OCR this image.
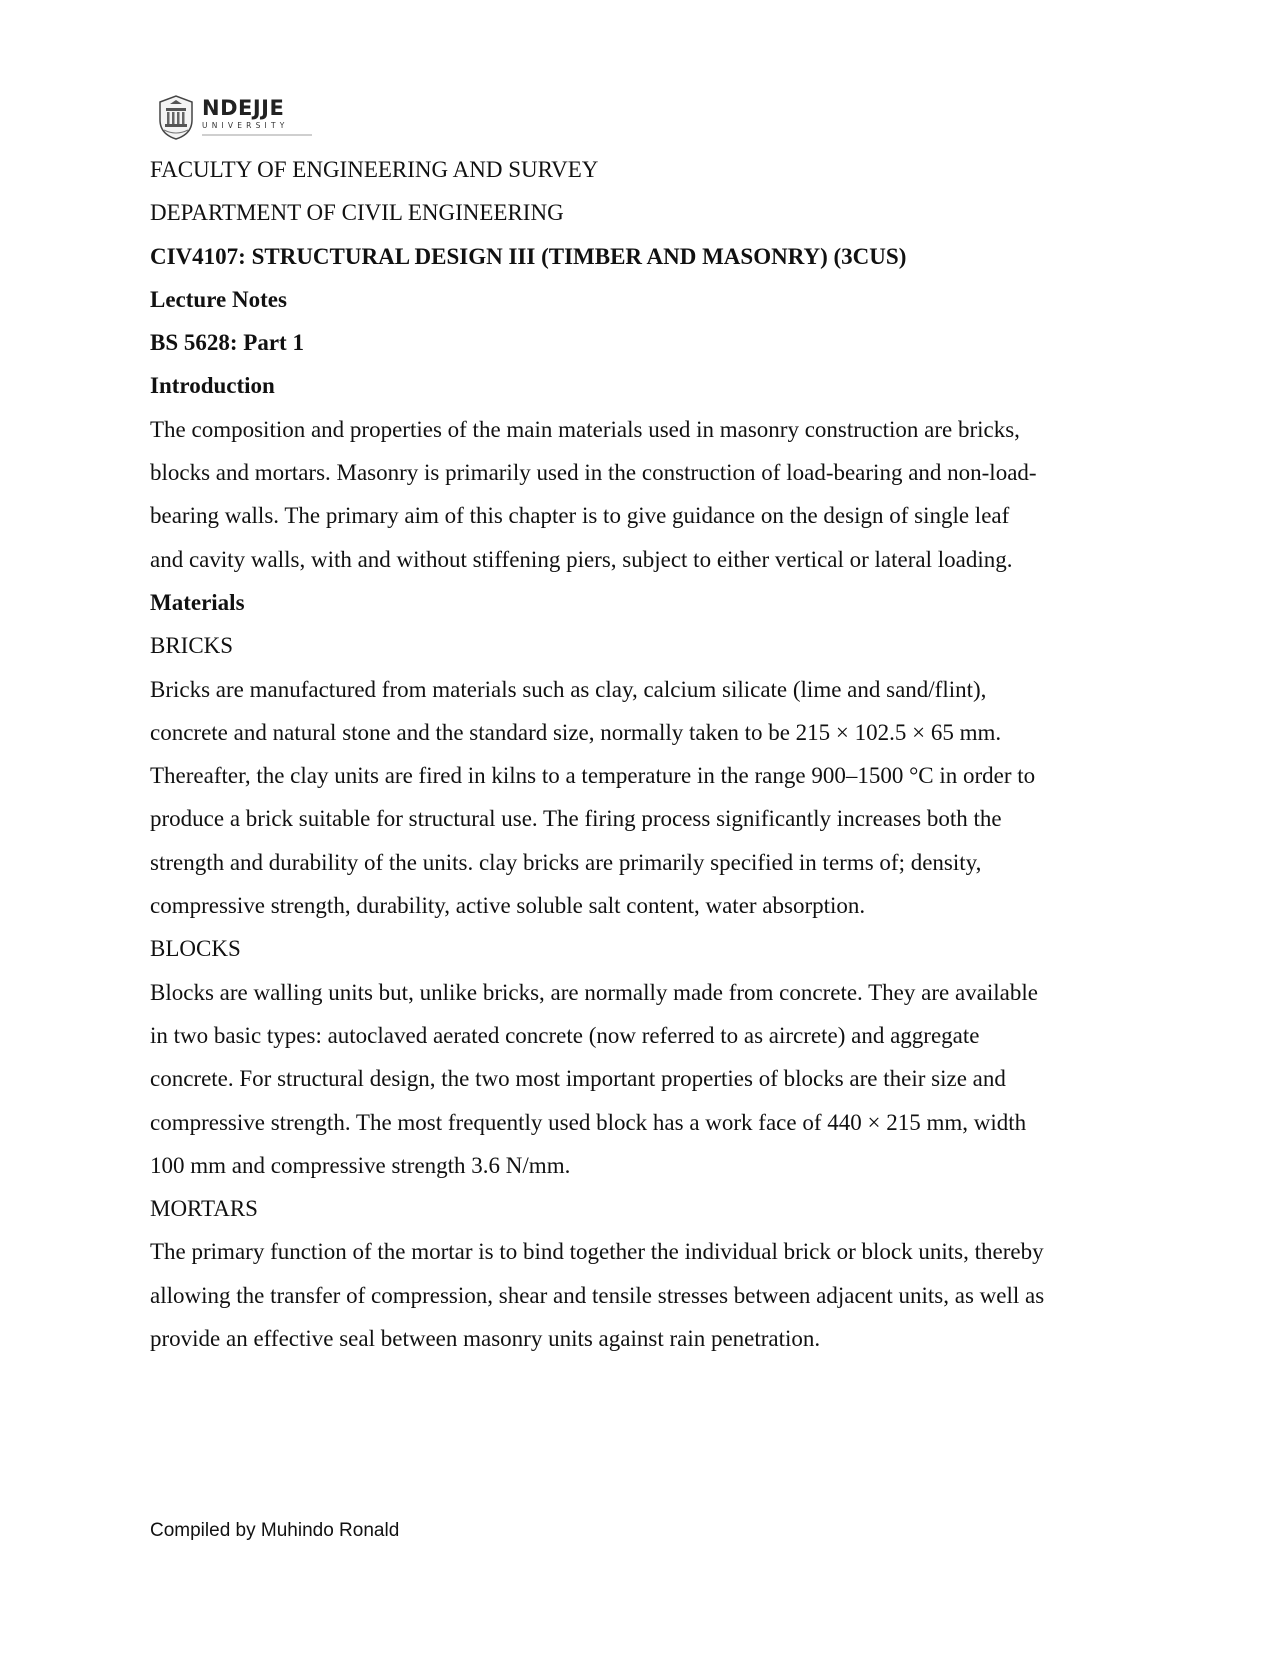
NDEJJE
UNIVERSITY
FACULTY OF ENGINEERING AND SURVEY
DEPARTMENT OF CIVIL ENGINEERING
CIV4107: STRUCTURAL DESIGN III (TIMBER AND MASONRY) (3CUS)
Lecture Notes
BS 5628: Part 1
Introduction

The composition and properties of the main materials used in masonry construction are bricks,
blocks and mortars. Masonry is primarily used in the construction of load-bearing and non-load-
bearing walls. The primary aim of this chapter is to give guidance on the design of single leaf
and cavity walls, with and without stiffening piers, subject to either vertical or lateral loading.

Materials
BRICKS

Bricks are manufactured from materials such as clay, calcium silicate (lime and sand/flint),
concrete and natural stone and the standard size, normally taken to be 215 × 102.5 × 65 mm.
Thereafter, the clay units are fired in kilns to a temperature in the range 900–1500 °C in order to
produce a brick suitable for structural use. The firing process significantly increases both the
strength and durability of the units. clay bricks are primarily specified in terms of; density,
compressive strength, durability, active soluble salt content, water absorption.

BLOCKS

Blocks are walling units but, unlike bricks, are normally made from concrete. They are available
in two basic types: autoclaved aerated concrete (now referred to as aircrete) and aggregate
concrete. For structural design, the two most important properties of blocks are their size and
compressive strength. The most frequently used block has a work face of 440 × 215 mm, width
100 mm and compressive strength 3.6 N/mm.

MORTARS

The primary function of the mortar is to bind together the individual brick or block units, thereby
allowing the transfer of compression, shear and tensile stresses between adjacent units, as well as
provide an effective seal between masonry units against rain penetration.

Compiled by Muhindo Ronald
